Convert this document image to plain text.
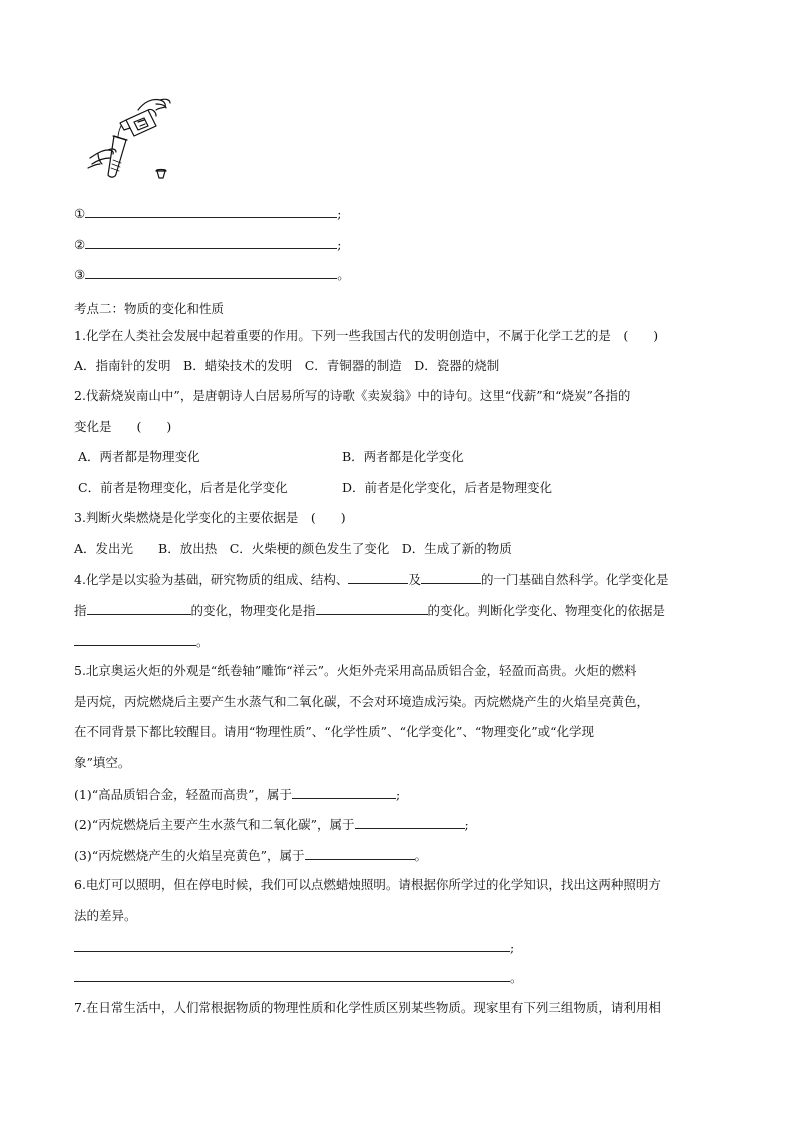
①	;
②	;
③	。
考点二：物质的变化和性质
1.化学在人类社会发展中起着重要的作用。下列一些我国古代的发明创造中，不属于化学工艺的是　(　　)
A．指南针的发明　B．蜡染技术的发明　C．青铜器的制造　D．瓷器的烧制
2.伐薪烧炭南山中”，是唐朝诗人白居易所写的诗歌《卖炭翁》中的诗句。这里“伐薪”和“烧炭”各指的
变化是　　(　　)
A．两者都是物理变化	B．两者都是化学变化
C．前者是物理变化，后者是化学变化	D．前者是化学变化，后者是物理变化
3.判断火柴燃烧是化学变化的主要依据是　(　　)
A．发出光　　B．放出热　C．火柴梗的颜色发生了变化　D．生成了新的物质
4.化学是以实验为基础，研究物质的组成、结构、	及	的一门基础自然科学。化学变化是
指	的变化，物理变化是指	的变化。判断化学变化、物理变化的依据是
。
5.北京奥运火炬的外观是“纸卷轴”雕饰“祥云”。火炬外壳采用高品质铝合金，轻盈而高贵。火炬的燃料
是丙烷，丙烷燃烧后主要产生水蒸气和二氧化碳，不会对环境造成污染。丙烷燃烧产生的火焰呈亮黄色，
在不同背景下都比较醒目。请用“物理性质”、“化学性质”、“化学变化”、“物理变化”或“化学现
象”填空。
(1)“高品质铝合金，轻盈而高贵”，属于	;
(2)“丙烷燃烧后主要产生水蒸气和二氧化碳”，属于	;
(3)“丙烷燃烧产生的火焰呈亮黄色”，属于	。
6.电灯可以照明，但在停电时候，我们可以点燃蜡烛照明。请根据你所学过的化学知识，找出这两种照明方
法的差异。
;
。
7.在日常生活中，人们常根据物质的物理性质和化学性质区别某些物质。现家里有下列三组物质，请利用相
